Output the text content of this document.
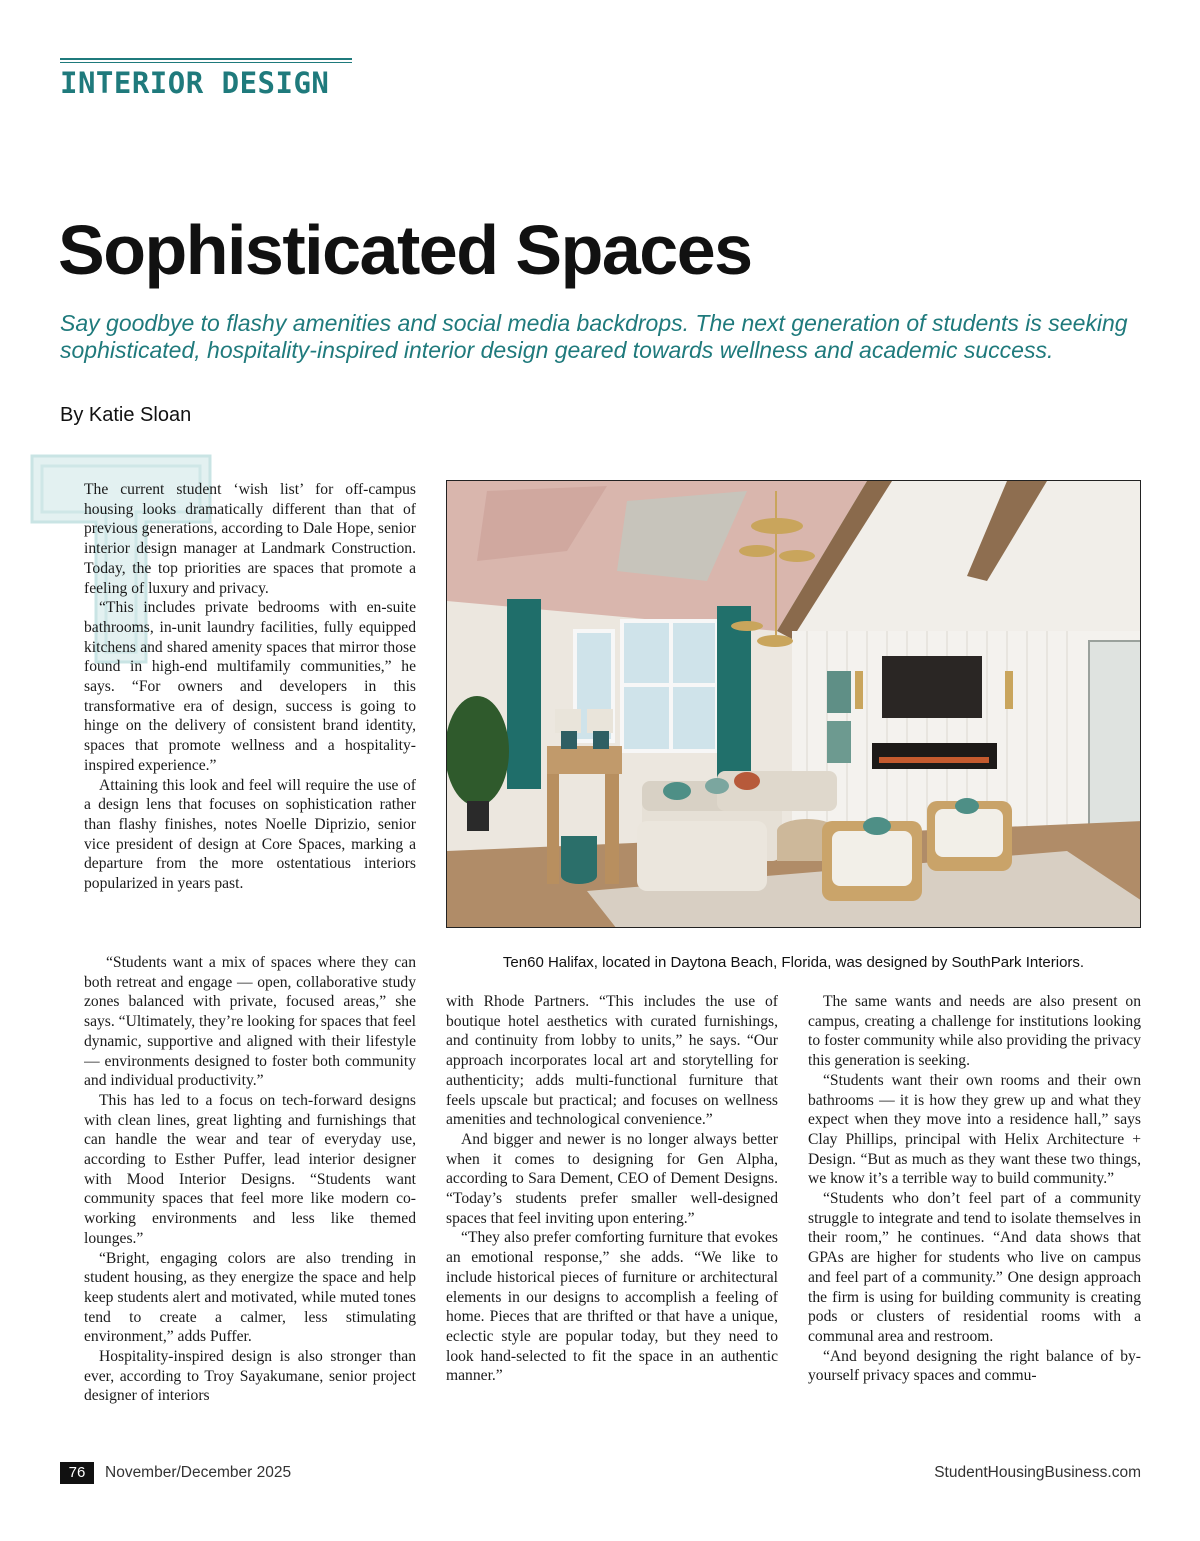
INTERIOR DESIGN
Sophisticated Spaces

Say goodbye to flashy amenities and social media backdrops. The next generation of students is seeking sophisticated, hospitality-inspired interior design geared towards wellness and academic success.

By Katie Sloan

The current student ‘wish list’ for off-campus housing looks dramatically different than that of previous generations, according to Dale Hope, senior interior design manager at Landmark Construction. Today, the top priorities are spaces that promote a feeling of luxury and privacy.

“This includes private bedrooms with en-suite bathrooms, in-unit laundry facilities, fully equipped kitchens and shared amenity spaces that mirror those found in high-end multifamily communities,” he says. “For owners and developers in this transformative era of design, success is going to hinge on the delivery of consistent brand identity, spaces that promote wellness and a hospitality-inspired experience.”

Attaining this look and feel will require the use of a design lens that focuses on sophistication rather than flashy finishes, notes Noelle Diprizio, senior vice president of design at Core Spaces, marking a departure from the more ostentatious interiors popularized in years past.

“Students want a mix of spaces where they can both retreat and engage — open, collaborative study zones balanced with private, focused areas,” she says. “Ultimately, they’re looking for spaces that feel dynamic, supportive and aligned with their lifestyle — environments designed to foster both community and individual productivity.”

This has led to a focus on tech-forward designs with clean lines, great lighting and furnishings that can handle the wear and tear of everyday use, according to Esther Puffer, lead interior designer with Mood Interior Designs. “Students want community spaces that feel more like modern co-working environments and less like themed lounges.”

“Bright, engaging colors are also trending in student housing, as they energize the space and help keep students alert and motivated, while muted tones tend to create a calmer, less stimulating environment,” adds Puffer.

Hospitality-inspired design is also stronger than ever, according to Troy Sayakumane, senior project designer of interiors

Ten60 Halifax, located in Daytona Beach, Florida, was designed by SouthPark Interiors.

with Rhode Partners. “This includes the use of boutique hotel aesthetics with curated furnishings, and continuity from lobby to units,” he says. “Our approach incorporates local art and storytelling for authenticity; adds multi-functional furniture that feels upscale but practical; and focuses on wellness amenities and technological convenience.”

And bigger and newer is no longer always better when it comes to designing for Gen Alpha, according to Sara Dement, CEO of Dement Designs. “Today’s students prefer smaller well-designed spaces that feel inviting upon entering.”

“They also prefer comforting furniture that evokes an emotional response,” she adds. “We like to include historical pieces of furniture or architectural elements in our designs to accomplish a feeling of home. Pieces that are thrifted or that have a unique, eclectic style are popular today, but they need to look hand-selected to fit the space in an authentic manner.”

The same wants and needs are also present on campus, creating a challenge for institutions looking to foster community while also providing the privacy this generation is seeking.

“Students want their own rooms and their own bathrooms — it is how they grew up and what they expect when they move into a residence hall,” says Clay Phillips, principal with Helix Architecture + Design. “But as much as they want these two things, we know it’s a terrible way to build community.”

“Students who don’t feel part of a community struggle to integrate and tend to isolate themselves in their room,” he continues. “And data shows that GPAs are higher for students who live on campus and feel part of a community.” One design approach the firm is using for building community is creating pods or clusters of residential rooms with a communal area and restroom.

“And beyond designing the right balance of by-yourself privacy spaces and commu-

76	November/December 2025	StudentHousingBusiness.com
